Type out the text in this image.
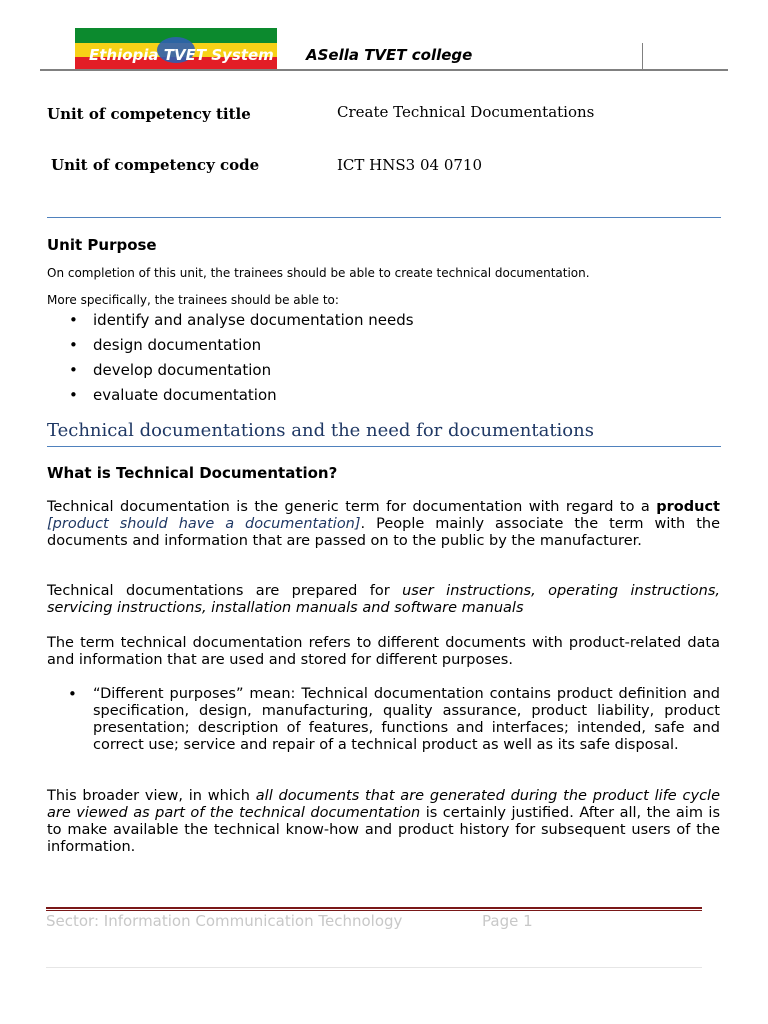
Ethiopia TVET System ASella TVET college
Unit of competency title	Create Technical Documentations
Unit of competency code	ICT HNS3 04 0710
Unit Purpose
On completion of this unit, the trainees should be able to create technical documentation.
More specifically, the trainees should be able to:
• identify and analyse documentation needs
• design documentation
• develop documentation
• evaluate documentation
Technical documentations and the need for documentations
What is Technical Documentation?
Technical documentation is the generic term for documentation with regard to a product [product should have a documentation]. People mainly associate the term with the documents and information that are passed on to the public by the manufacturer.
Technical documentations are prepared for user instructions, operating instructions, servicing instructions, installation manuals and software manuals
The term technical documentation refers to different documents with product-related data and information that are used and stored for different purposes.
• “Different purposes” mean: Technical documentation contains product definition and specification, design, manufacturing, quality assurance, product liability, product presentation; description of features, functions and interfaces; intended, safe and correct use; service and repair of a technical product as well as its safe disposal.
This broader view, in which all documents that are generated during the product life cycle are viewed as part of the technical documentation is certainly justified. After all, the aim is to make available the technical know-how and product history for subsequent users of the information.
Sector: Information Communication Technology	Page 1
